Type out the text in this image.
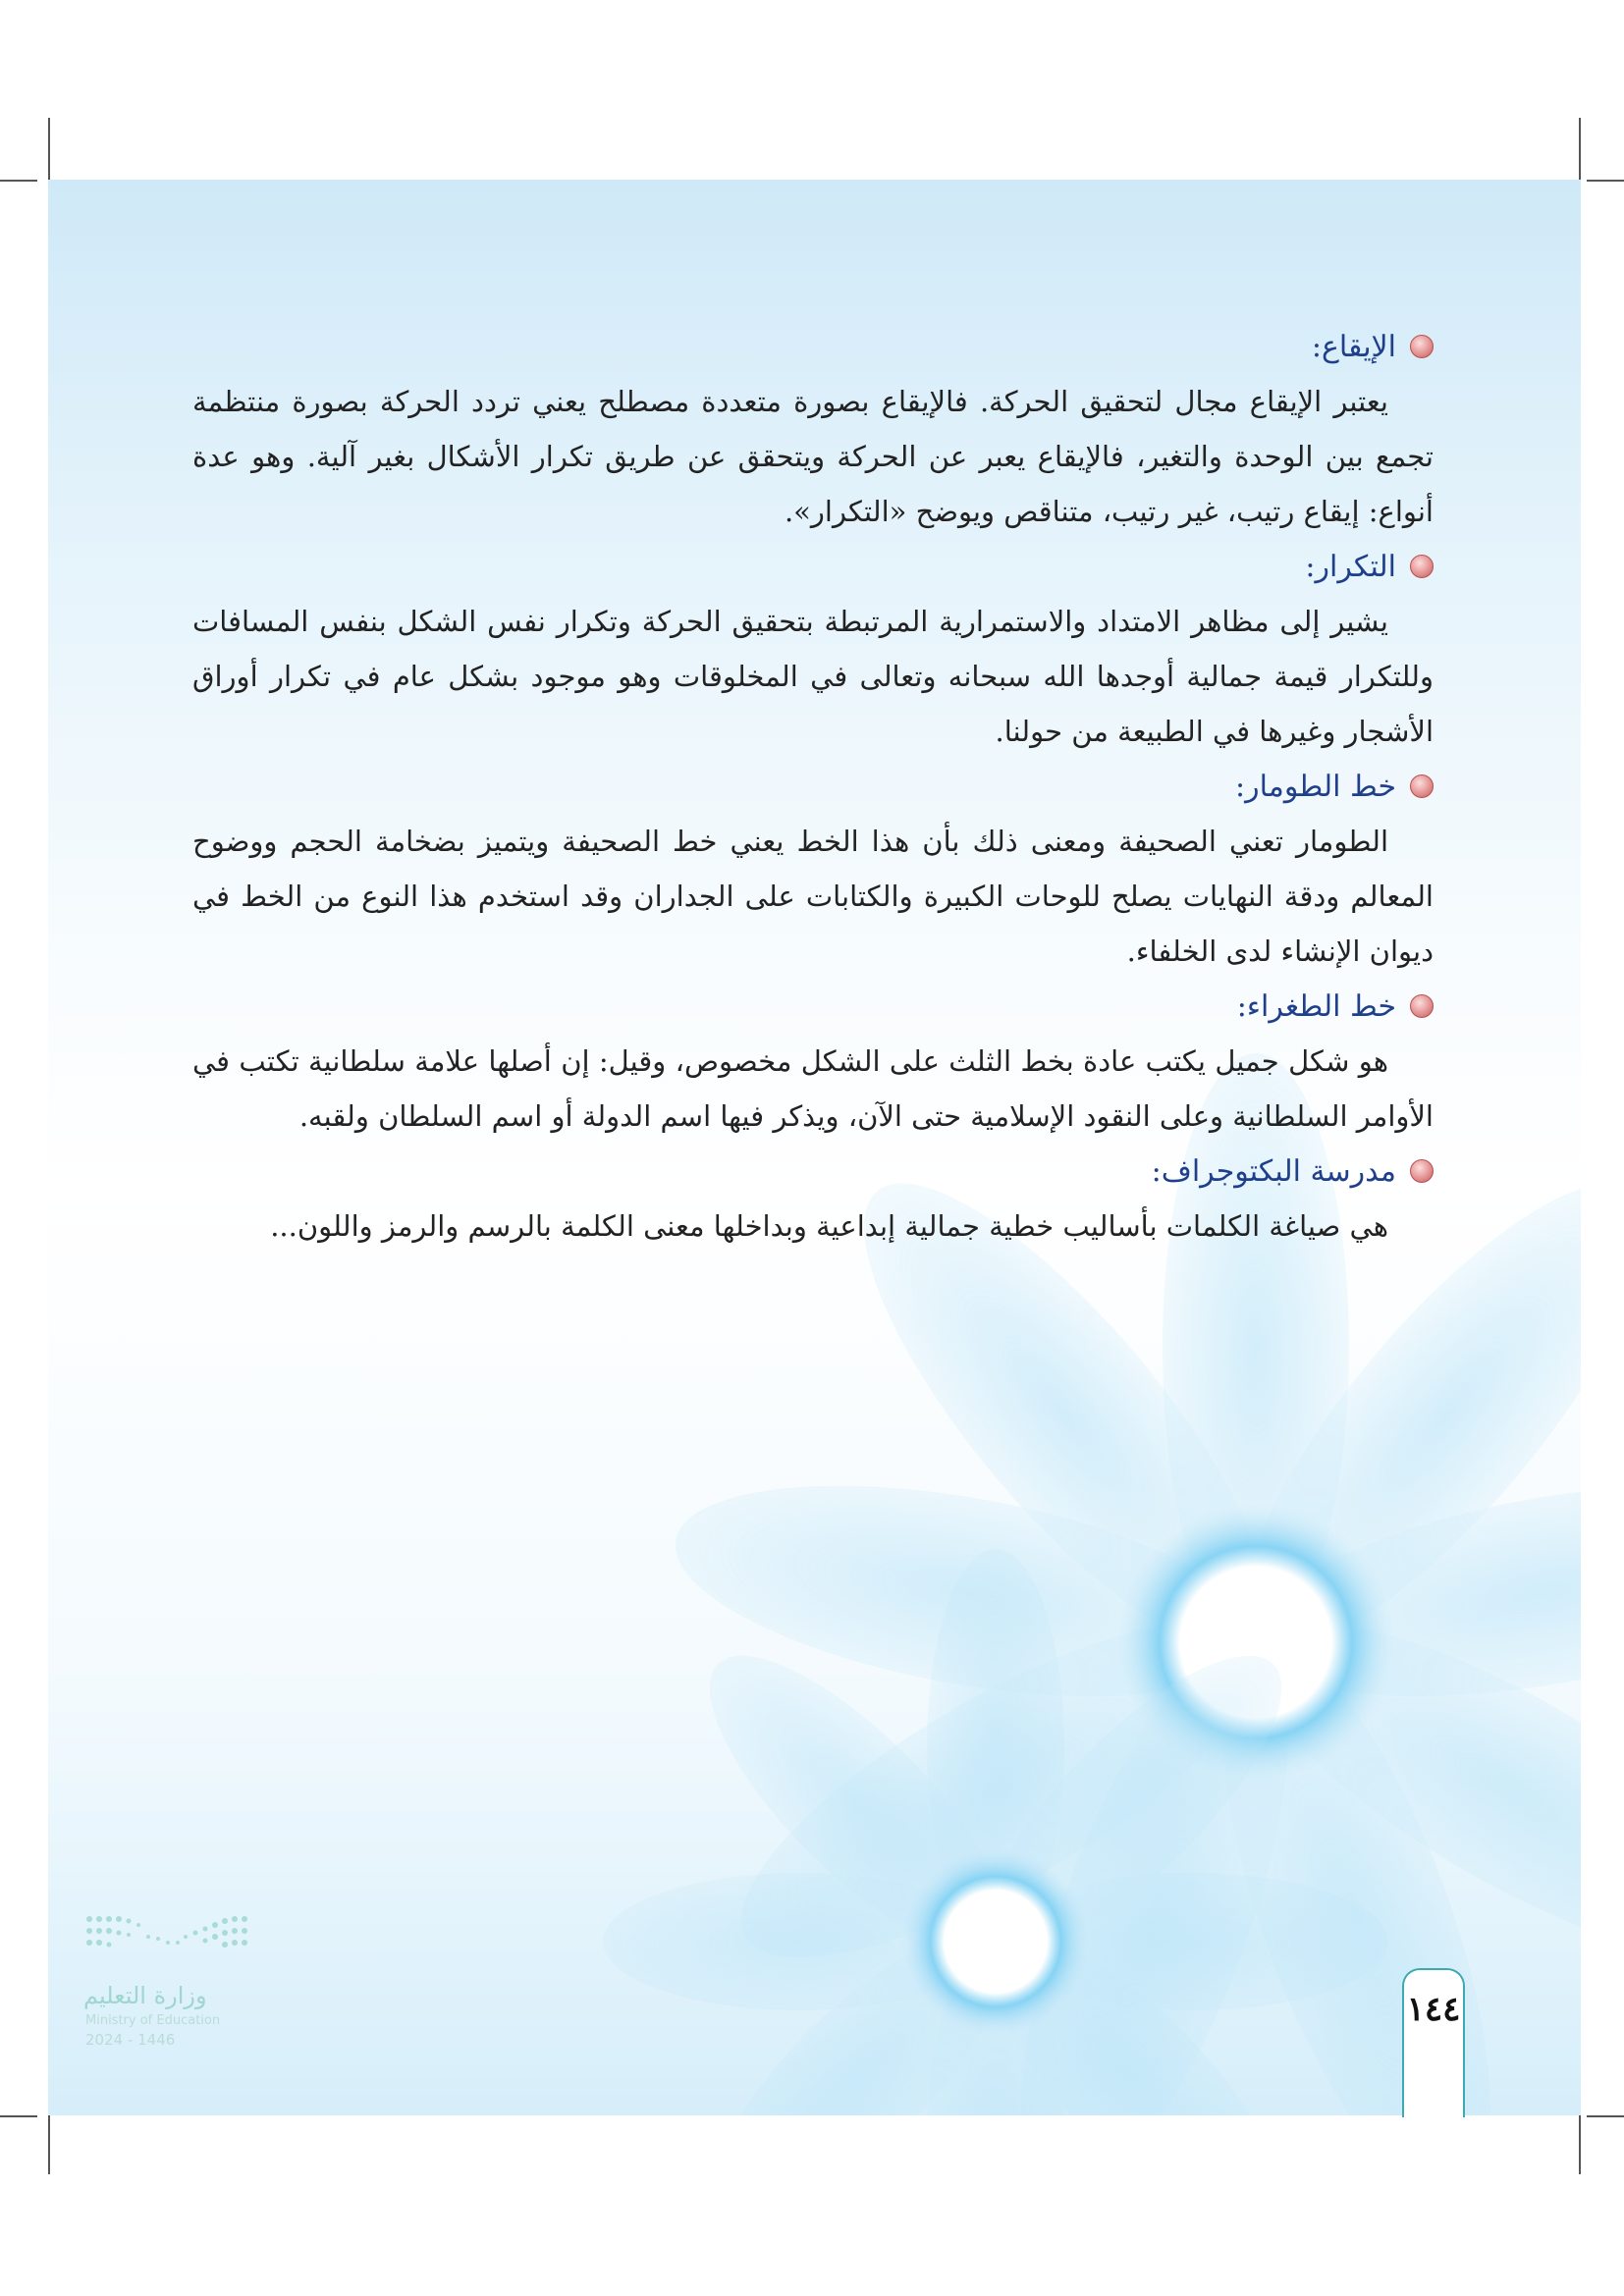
الإيقاع:

يعتبر الإيقاع مجال لتحقيق الحركة. فالإيقاع بصورة متعددة مصطلح يعني تردد الحركة بصورة منتظمة تجمع بين الوحدة والتغير، فالإيقاع يعبر عن الحركة ويتحقق عن طريق تكرار الأشكال بغير آلية. وهو عدة أنواع: إيقاع رتيب، غير رتيب، متناقص ويوضح «التكرار».

التكرار:

يشير إلى مظاهر الامتداد والاستمرارية المرتبطة بتحقيق الحركة وتكرار نفس الشكل بنفس المسافات وللتكرار قيمة جمالية أوجدها الله سبحانه وتعالى في المخلوقات وهو موجود بشكل عام في تكرار أوراق الأشجار وغيرها في الطبيعة من حولنا.

خط الطومار:

الطومار تعني الصحيفة ومعنى ذلك بأن هذا الخط يعني خط الصحيفة ويتميز بضخامة الحجم ووضوح المعالم ودقة النهايات يصلح للوحات الكبيرة والكتابات على الجداران وقد استخدم هذا النوع من الخط في ديوان الإنشاء لدى الخلفاء.

خط الطغراء:

هو شكل جميل يكتب عادة بخط الثلث على الشكل مخصوص، وقيل: إن أصلها علامة سلطانية تكتب في الأوامر السلطانية وعلى النقود الإسلامية حتى الآن، ويذكر فيها اسم الدولة أو اسم السلطان ولقبه.

مدرسة البكتوجراف:

هي صياغة الكلمات بأساليب خطية جمالية إبداعية وبداخلها معنى الكلمة بالرسم والرمز واللون...

وزارة التعليم
Ministry of Education
2024 - 1446
١٤٤
